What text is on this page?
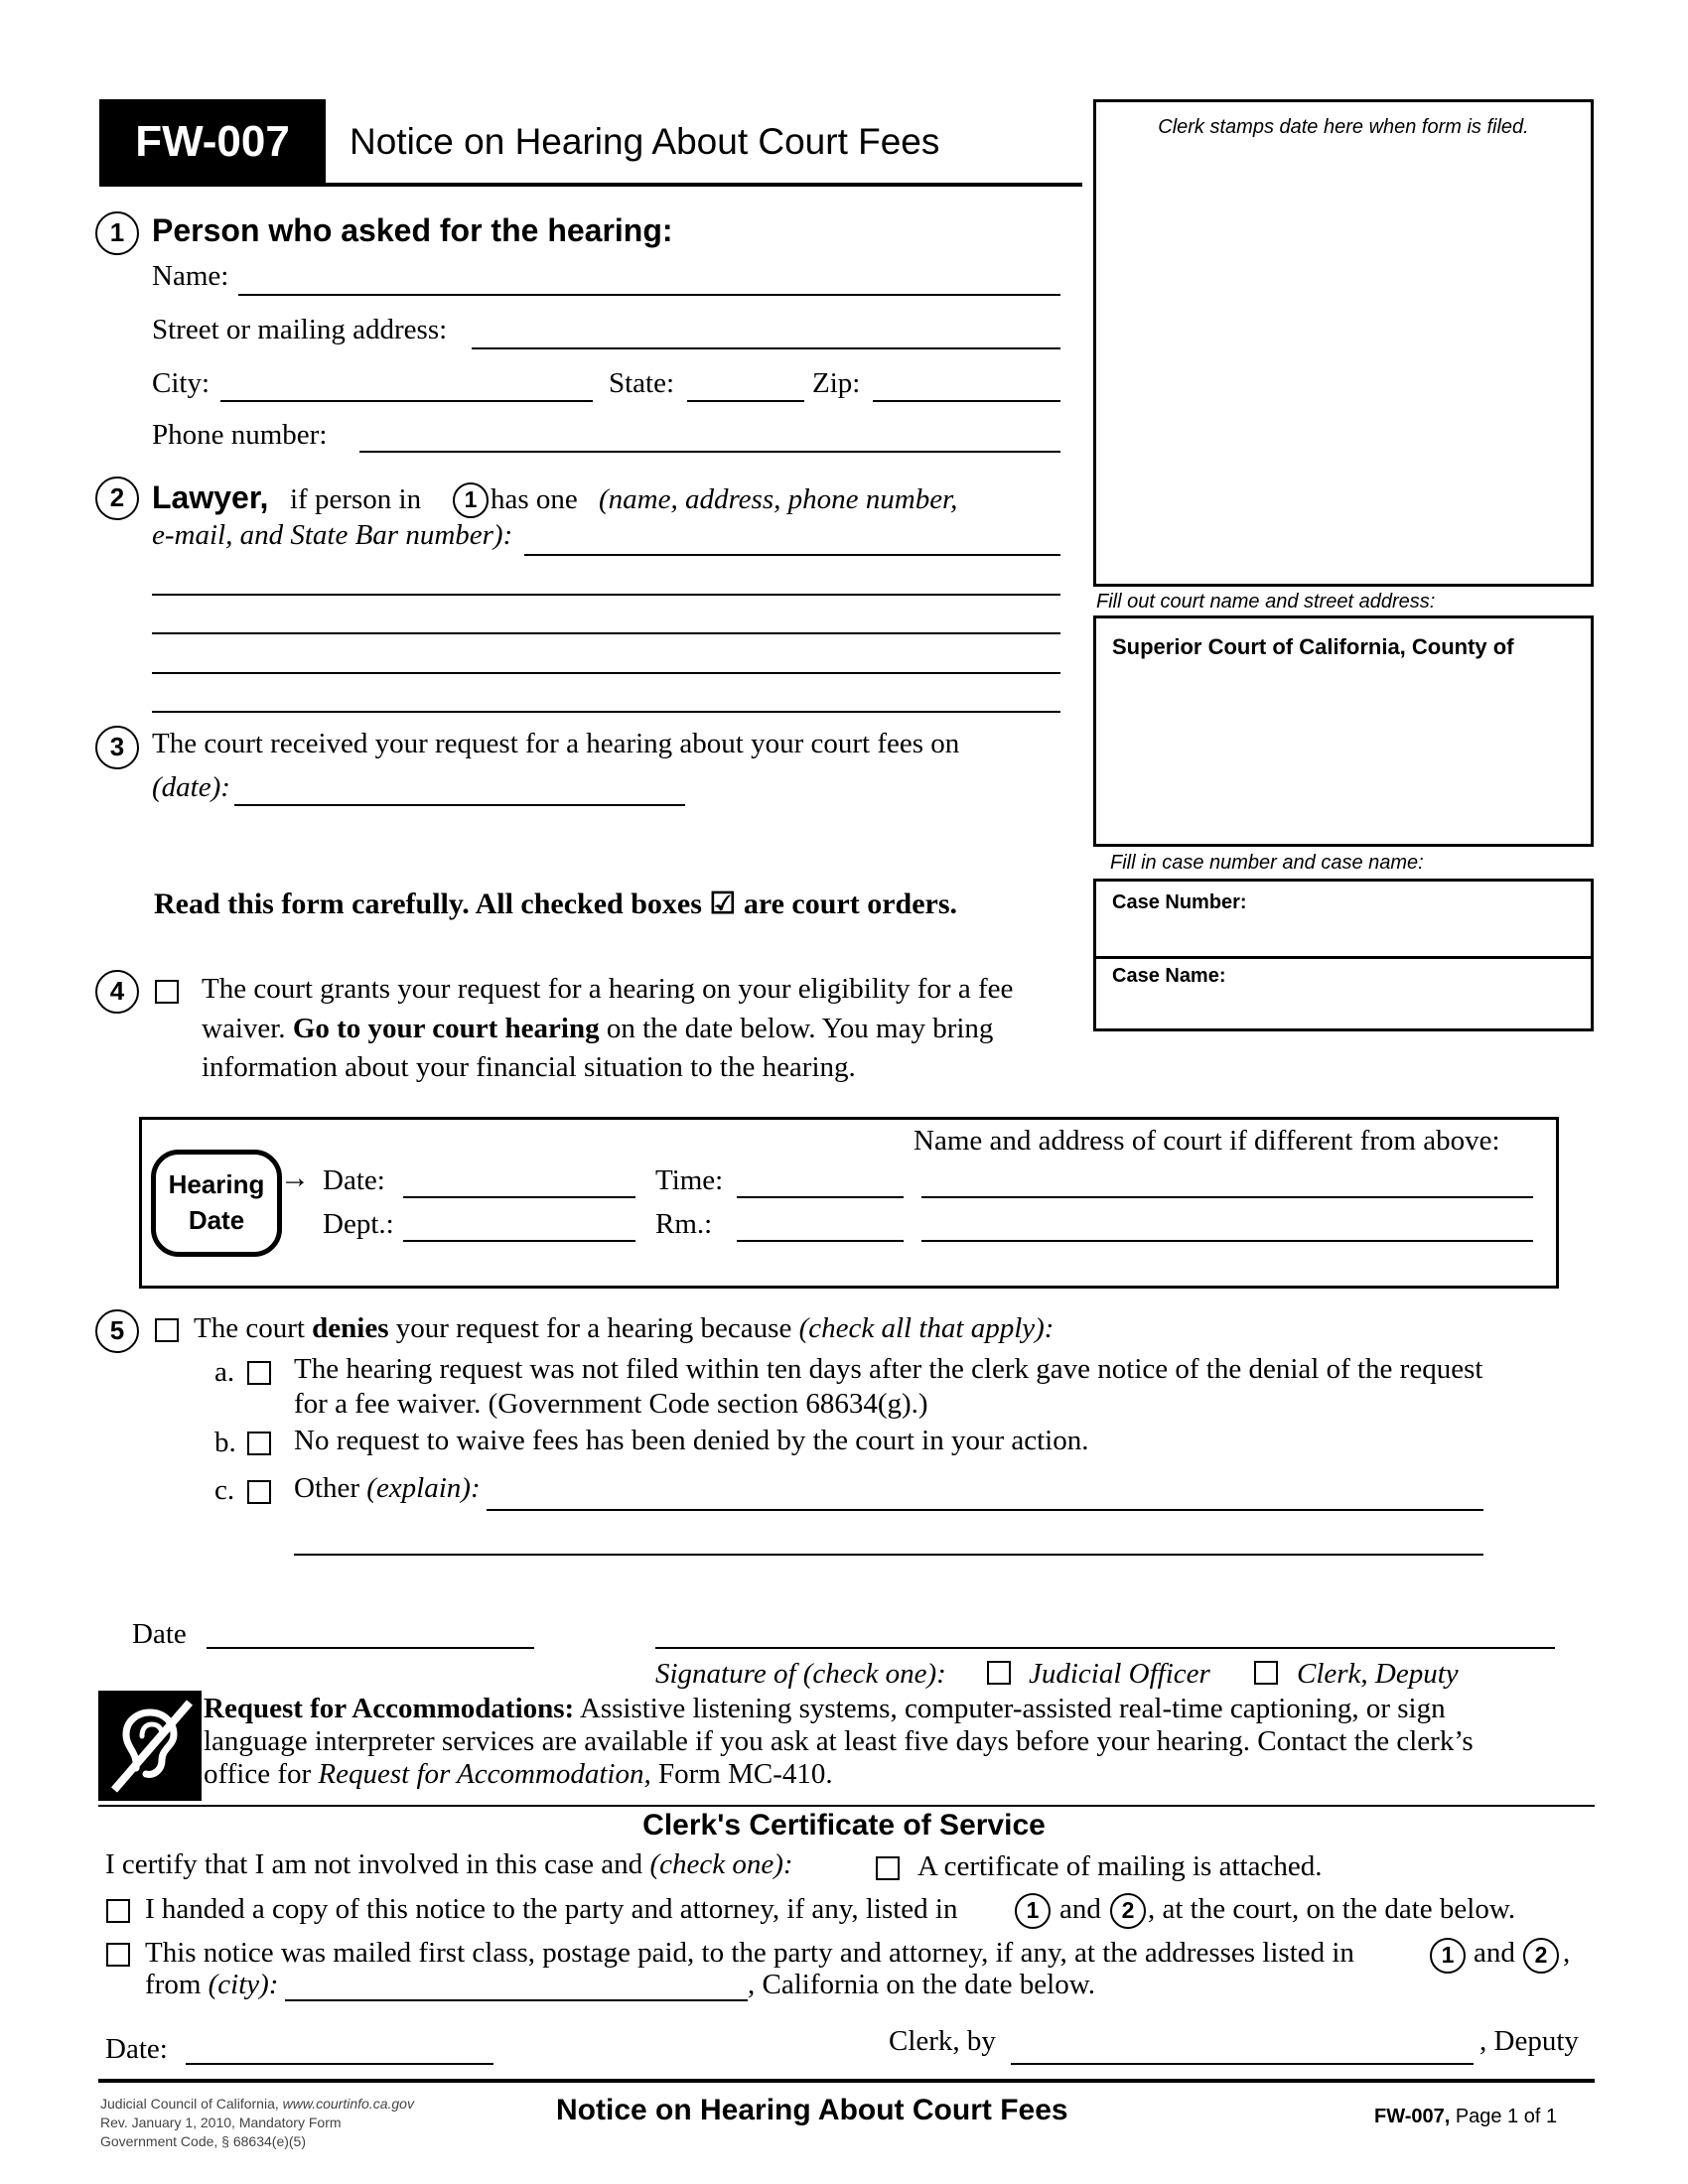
FW-007	Notice on Hearing About Court Fees	Clerk stamps date here when form is filed.
Fill out court name and street address:
Superior Court of California, County of
Fill in case number and case name:
Case Number:
Case Name:
1 Person who asked for the hearing:
Name:
Street or mailing address:
City:	State:	Zip:
Phone number:
2 Lawyer, if person in	1 has one (name, address, phone number,
e-mail, and State Bar number):
3 The court received your request for a hearing about your court fees on
(date):
Read this form carefully. All checked boxes ☑ are court orders.
4	The court grants your request for a hearing on your eligibility for a fee
waiver. Go to your court hearing on the date below. You may bring
information about your financial situation to the hearing.
Hearing
Date
→ Date:	Time:
Dept.:	Rm.:
Name and address of court if different from above:
5	The court denies your request for a hearing because (check all that apply):
a. The hearing request was not filed within ten days after the clerk gave notice of the denial of the request
for a fee waiver. (Government Code section 68634(g).)
b. No request to waive fees has been denied by the court in your action.
c. Other (explain):
Date
Signature of (check one):	Judicial Officer	Clerk, Deputy
Request for Accommodations: Assistive listening systems, computer-assisted real-time captioning, or sign
language interpreter services are available if you ask at least five days before your hearing. Contact the clerk’s
office for Request for Accommodation, Form MC-410.
Clerk's Certificate of Service
I certify that I am not involved in this case and (check one):	A certificate of mailing is attached.
I handed a copy of this notice to the party and attorney, if any, listed in	1 and 2 , at the court, on the date below.
This notice was mailed first class, postage paid, to the party and attorney, if any, at the addresses listed in	1 and 2 ,
from (city):	, California on the date below.
Date:	Clerk, by	, Deputy
Judicial Council of California, www.courtinfo.ca.gov
Rev. January 1, 2010, Mandatory Form
Government Code, § 68634(e)(5)
Notice on Hearing About Court Fees	FW-007, Page 1 of 1
